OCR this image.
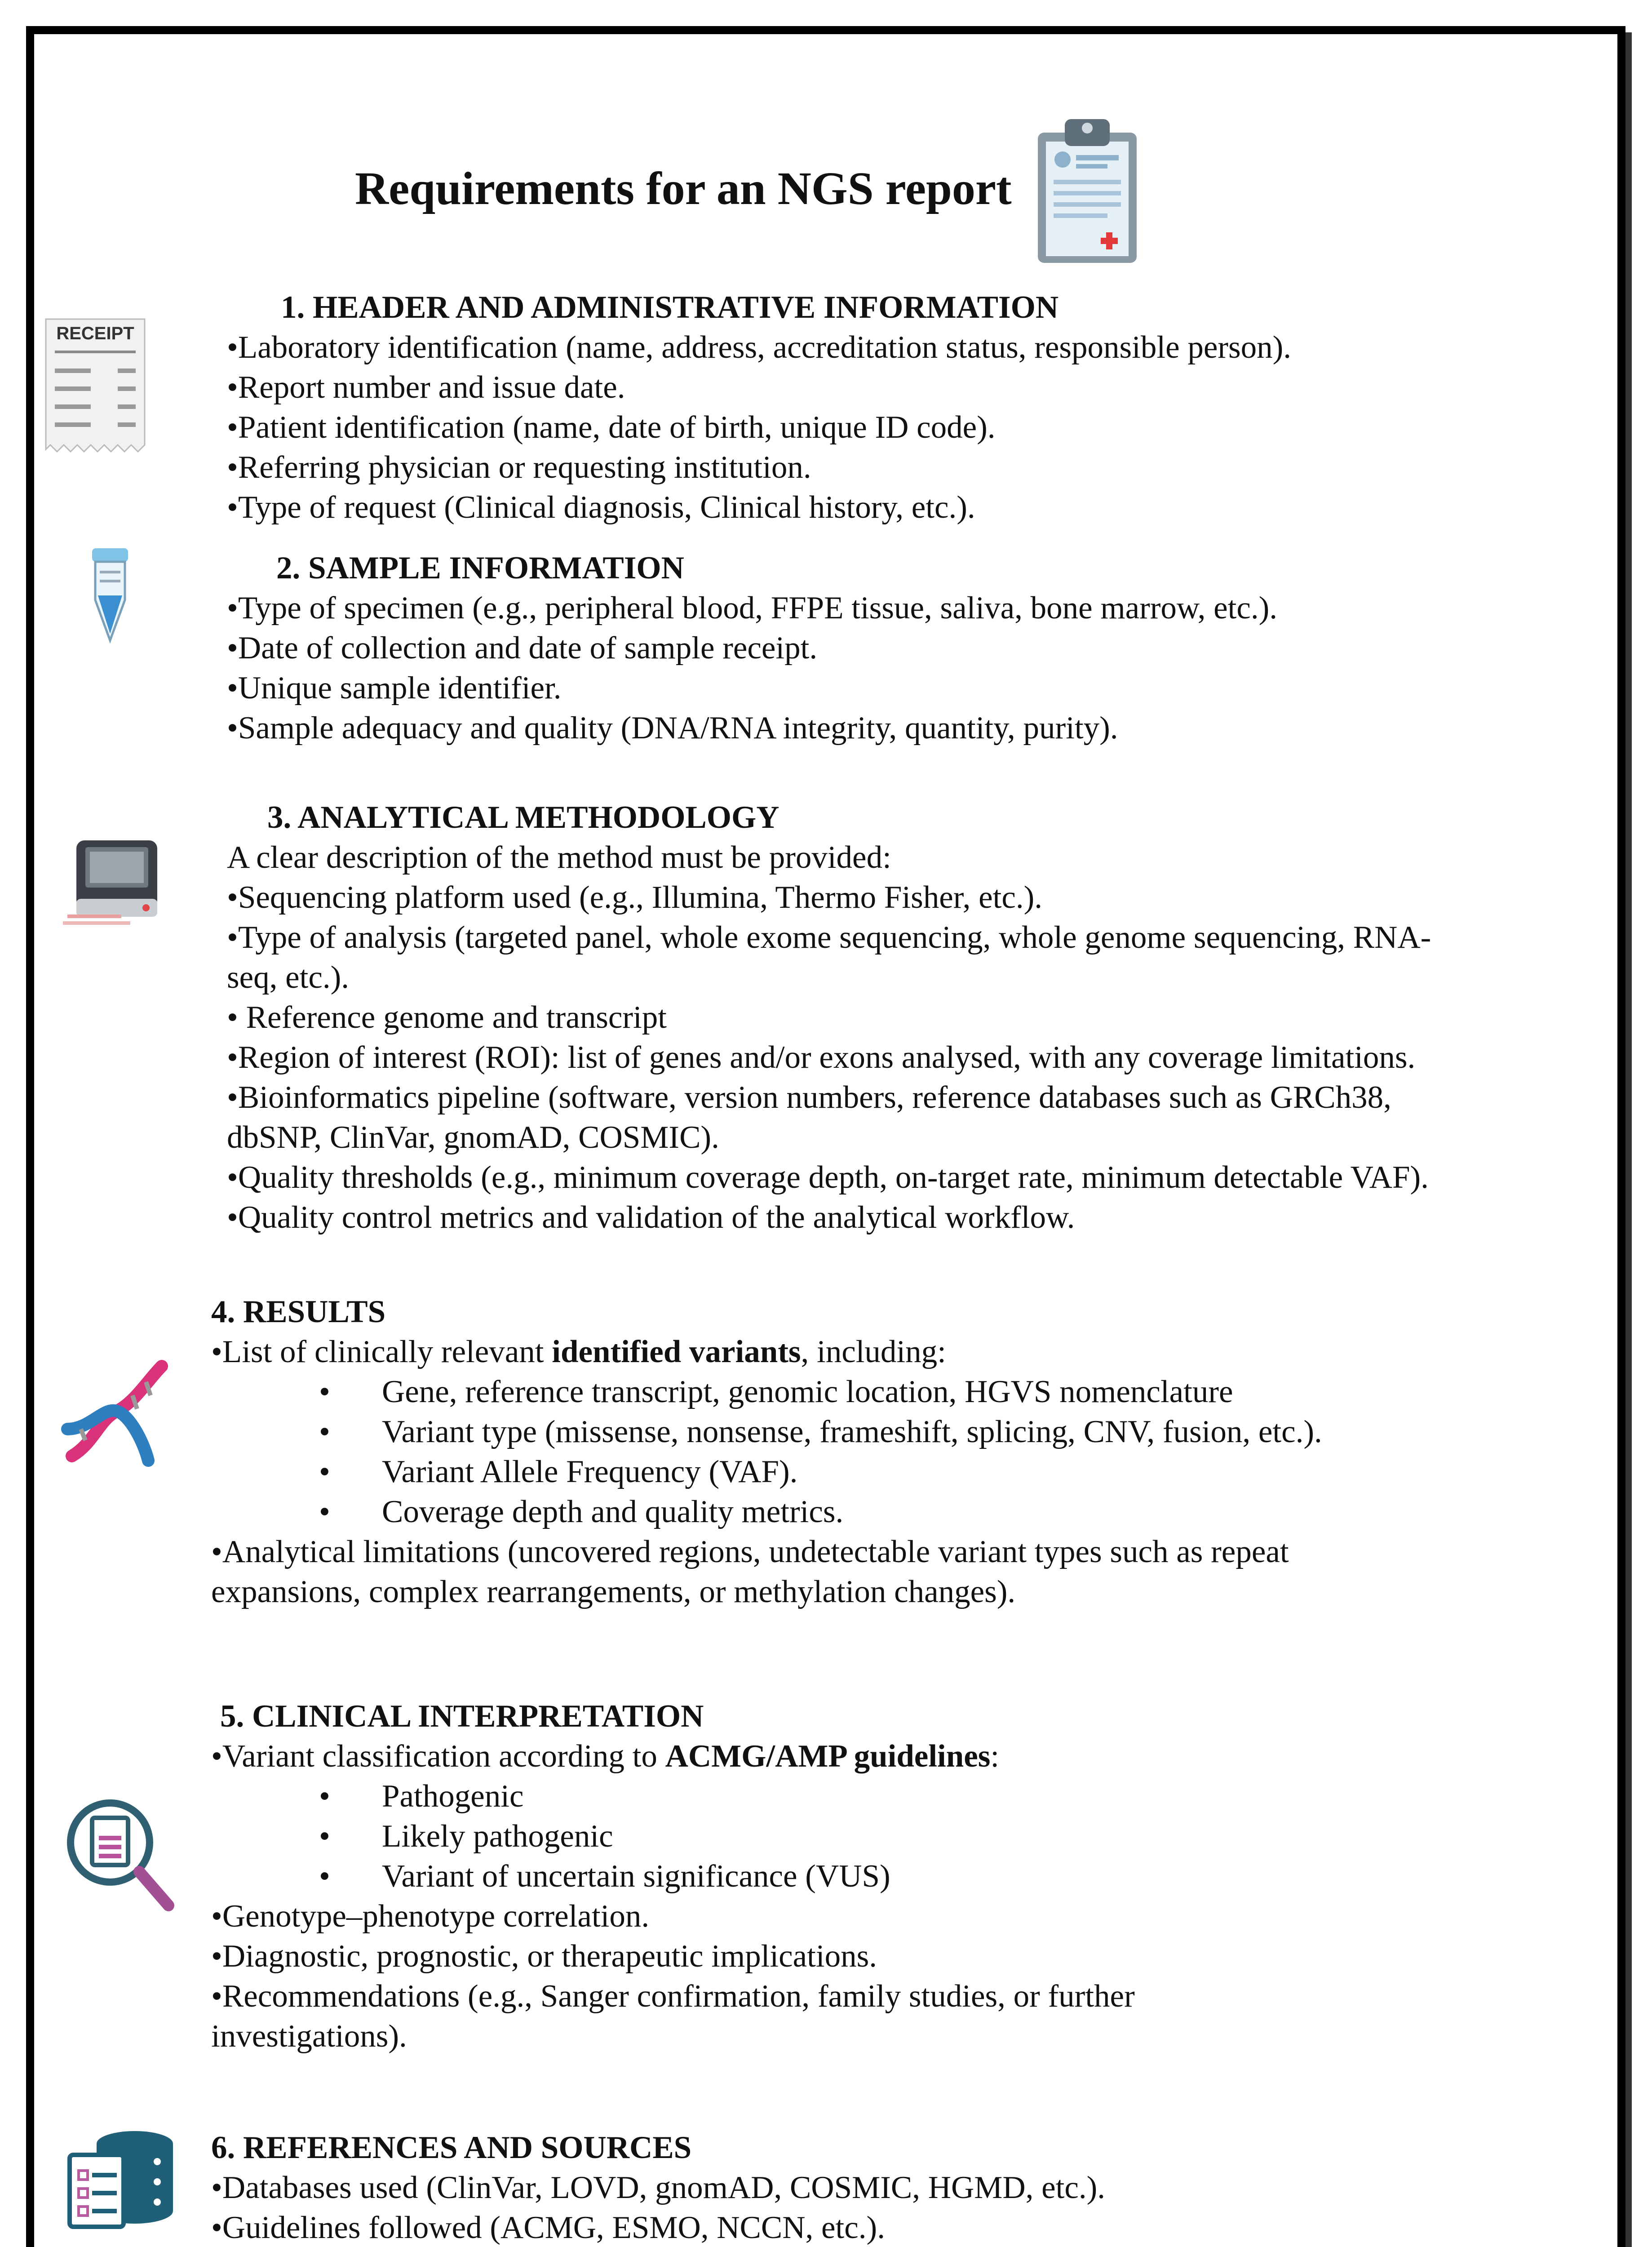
Requirements for an NGS report
RECEIPT
1. HEADER AND ADMINISTRATIVE INFORMATION
•Laboratory identification (name, address, accreditation status, responsible person).
•Report number and issue date.
•Patient identification (name, date of birth, unique ID code).
•Referring physician or requesting institution.
•Type of request (Clinical diagnosis, Clinical history, etc.).
2. SAMPLE INFORMATION
•Type of specimen (e.g., peripheral blood, FFPE tissue, saliva, bone marrow, etc.).
•Date of collection and date of sample receipt.
•Unique sample identifier.
•Sample adequacy and quality (DNA/RNA integrity, quantity, purity).
3. ANALYTICAL METHODOLOGY
A clear description of the method must be provided:
•Sequencing platform used (e.g., Illumina, Thermo Fisher, etc.).
•Type of analysis (targeted panel, whole exome sequencing, whole genome sequencing, RNA-
seq, etc.).
• Reference genome and transcript
•Region of interest (ROI): list of genes and/or exons analysed, with any coverage limitations.
•Bioinformatics pipeline (software, version numbers, reference databases such as GRCh38,
dbSNP, ClinVar, gnomAD, COSMIC).
•Quality thresholds (e.g., minimum coverage depth, on-target rate, minimum detectable VAF).
•Quality control metrics and validation of the analytical workflow.
4. RESULTS
•List of clinically relevant identified variants, including:
• Gene, reference transcript, genomic location, HGVS nomenclature
• Variant type (missense, nonsense, frameshift, splicing, CNV, fusion, etc.).
• Variant Allele Frequency (VAF).
• Coverage depth and quality metrics.
•Analytical limitations (uncovered regions, undetectable variant types such as repeat
expansions, complex rearrangements, or methylation changes).
5. CLINICAL INTERPRETATION
•Variant classification according to ACMG/AMP guidelines:
• Pathogenic
• Likely pathogenic
• Variant of uncertain significance (VUS)
•Genotype–phenotype correlation.
•Diagnostic, prognostic, or therapeutic implications.
•Recommendations (e.g., Sanger confirmation, family studies, or further
investigations).
6. REFERENCES AND SOURCES
•Databases used (ClinVar, LOVD, gnomAD, COSMIC, HGMD, etc.).
•Guidelines followed (ACMG, ESMO, NCCN, etc.).
